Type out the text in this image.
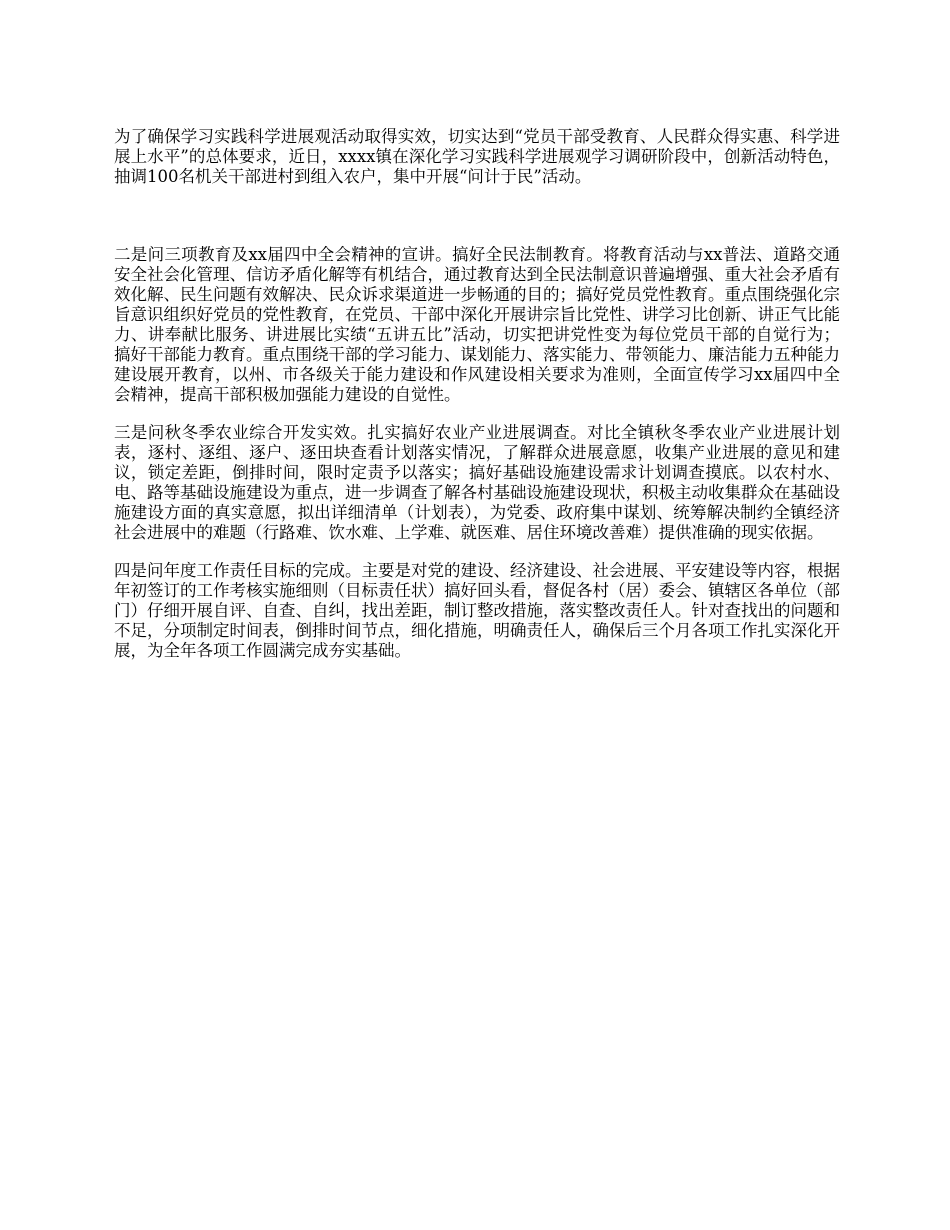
为了确保学习实践科学进展观活动取得实效，切实达到“党员干部受教育、人民群众得实惠、科学进展上水平”的总体要求，近日，xxxx镇在深化学习实践科学进展观学习调研阶段中，创新活动特色，抽调100名机关干部进村到组入农户，集中开展“问计于民”活动。

二是问三项教育及xx届四中全会精神的宣讲。搞好全民法制教育。将教育活动与xx普法、道路交通安全社会化管理、信访矛盾化解等有机结合，通过教育达到全民法制意识普遍增强、重大社会矛盾有效化解、民生问题有效解决、民众诉求渠道进一步畅通的目的；搞好党员党性教育。重点围绕强化宗旨意识组织好党员的党性教育，在党员、干部中深化开展讲宗旨比党性、讲学习比创新、讲正气比能力、讲奉献比服务、讲进展比实绩“五讲五比”活动，切实把讲党性变为每位党员干部的自觉行为；搞好干部能力教育。重点围绕干部的学习能力、谋划能力、落实能力、带领能力、廉洁能力五种能力建设展开教育，以州、市各级关于能力建设和作风建设相关要求为准则，全面宣传学习xx届四中全会精神，提高干部积极加强能力建设的自觉性。

三是问秋冬季农业综合开发实效。扎实搞好农业产业进展调查。对比全镇秋冬季农业产业进展计划表，逐村、逐组、逐户、逐田块查看计划落实情况，了解群众进展意愿，收集产业进展的意见和建议，锁定差距，倒排时间，限时定责予以落实；搞好基础设施建设需求计划调查摸底。以农村水、电、路等基础设施建设为重点，进一步调查了解各村基础设施建设现状，积极主动收集群众在基础设施建设方面的真实意愿，拟出详细清单（计划表），为党委、政府集中谋划、统筹解决制约全镇经济社会进展中的难题（行路难、饮水难、上学难、就医难、居住环境改善难）提供准确的现实依据。

四是问年度工作责任目标的完成。主要是对党的建设、经济建设、社会进展、平安建设等内容，根据年初签订的工作考核实施细则（目标责任状）搞好回头看，督促各村（居）委会、镇辖区各单位（部门）仔细开展自评、自查、自纠，找出差距，制订整改措施，落实整改责任人。针对查找出的问题和不足，分项制定时间表，倒排时间节点，细化措施，明确责任人，确保后三个月各项工作扎实深化开展，为全年各项工作圆满完成夯实基础。
